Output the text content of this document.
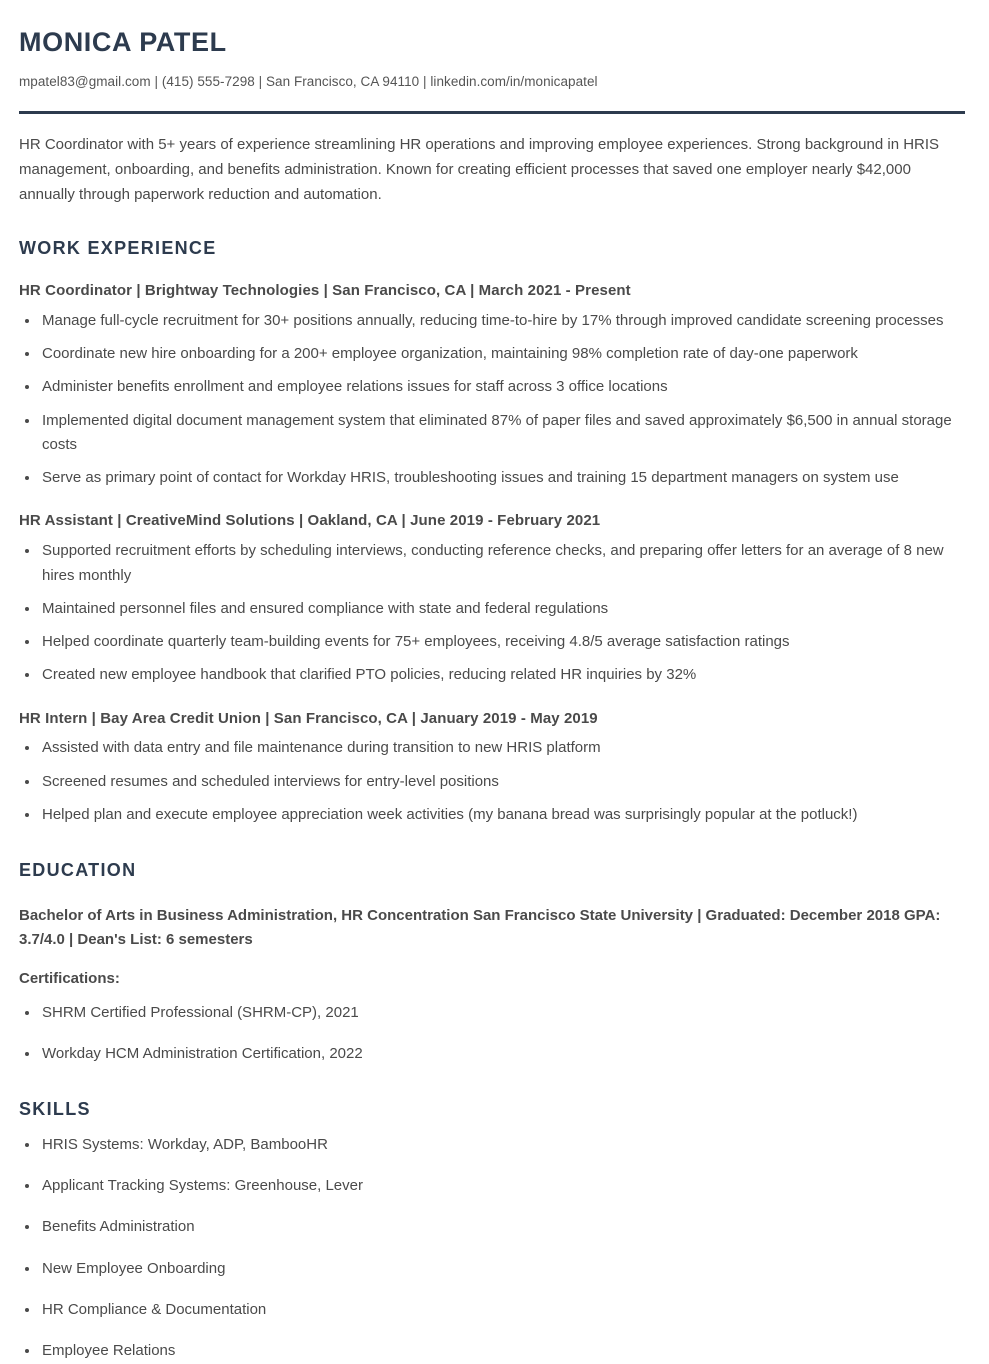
MONICA PATEL
mpatel83@gmail.com | (415) 555-7298 | San Francisco, CA 94110 | linkedin.com/in/monicapatel

HR Coordinator with 5+ years of experience streamlining HR operations and improving employee experiences. Strong background in HRIS management, onboarding, and benefits administration. Known for creating efficient processes that saved one employer nearly $42,000 annually through paperwork reduction and automation.

WORK EXPERIENCE
HR Coordinator | Brightway Technologies | San Francisco, CA | March 2021 - Present
Manage full-cycle recruitment for 30+ positions annually, reducing time-to-hire by 17% through improved candidate screening processes
Coordinate new hire onboarding for a 200+ employee organization, maintaining 98% completion rate of day-one paperwork
Administer benefits enrollment and employee relations issues for staff across 3 office locations
Implemented digital document management system that eliminated 87% of paper files and saved approximately $6,500 in annual storage costs
Serve as primary point of contact for Workday HRIS, troubleshooting issues and training 15 department managers on system use
HR Assistant | CreativeMind Solutions | Oakland, CA | June 2019 - February 2021
Supported recruitment efforts by scheduling interviews, conducting reference checks, and preparing offer letters for an average of 8 new hires monthly
Maintained personnel files and ensured compliance with state and federal regulations
Helped coordinate quarterly team-building events for 75+ employees, receiving 4.8/5 average satisfaction ratings
Created new employee handbook that clarified PTO policies, reducing related HR inquiries by 32%
HR Intern | Bay Area Credit Union | San Francisco, CA | January 2019 - May 2019
Assisted with data entry and file maintenance during transition to new HRIS platform
Screened resumes and scheduled interviews for entry-level positions
Helped plan and execute employee appreciation week activities (my banana bread was surprisingly popular at the potluck!)
EDUCATION
Bachelor of Arts in Business Administration, HR Concentration San Francisco State University | Graduated: December 2018 GPA: 3.7/4.0 | Dean's List: 6 semesters
Certifications:
SHRM Certified Professional (SHRM-CP), 2021
Workday HCM Administration Certification, 2022
SKILLS
HRIS Systems: Workday, ADP, BambooHR
Applicant Tracking Systems: Greenhouse, Lever
Benefits Administration
New Employee Onboarding
HR Compliance & Documentation
Employee Relations
